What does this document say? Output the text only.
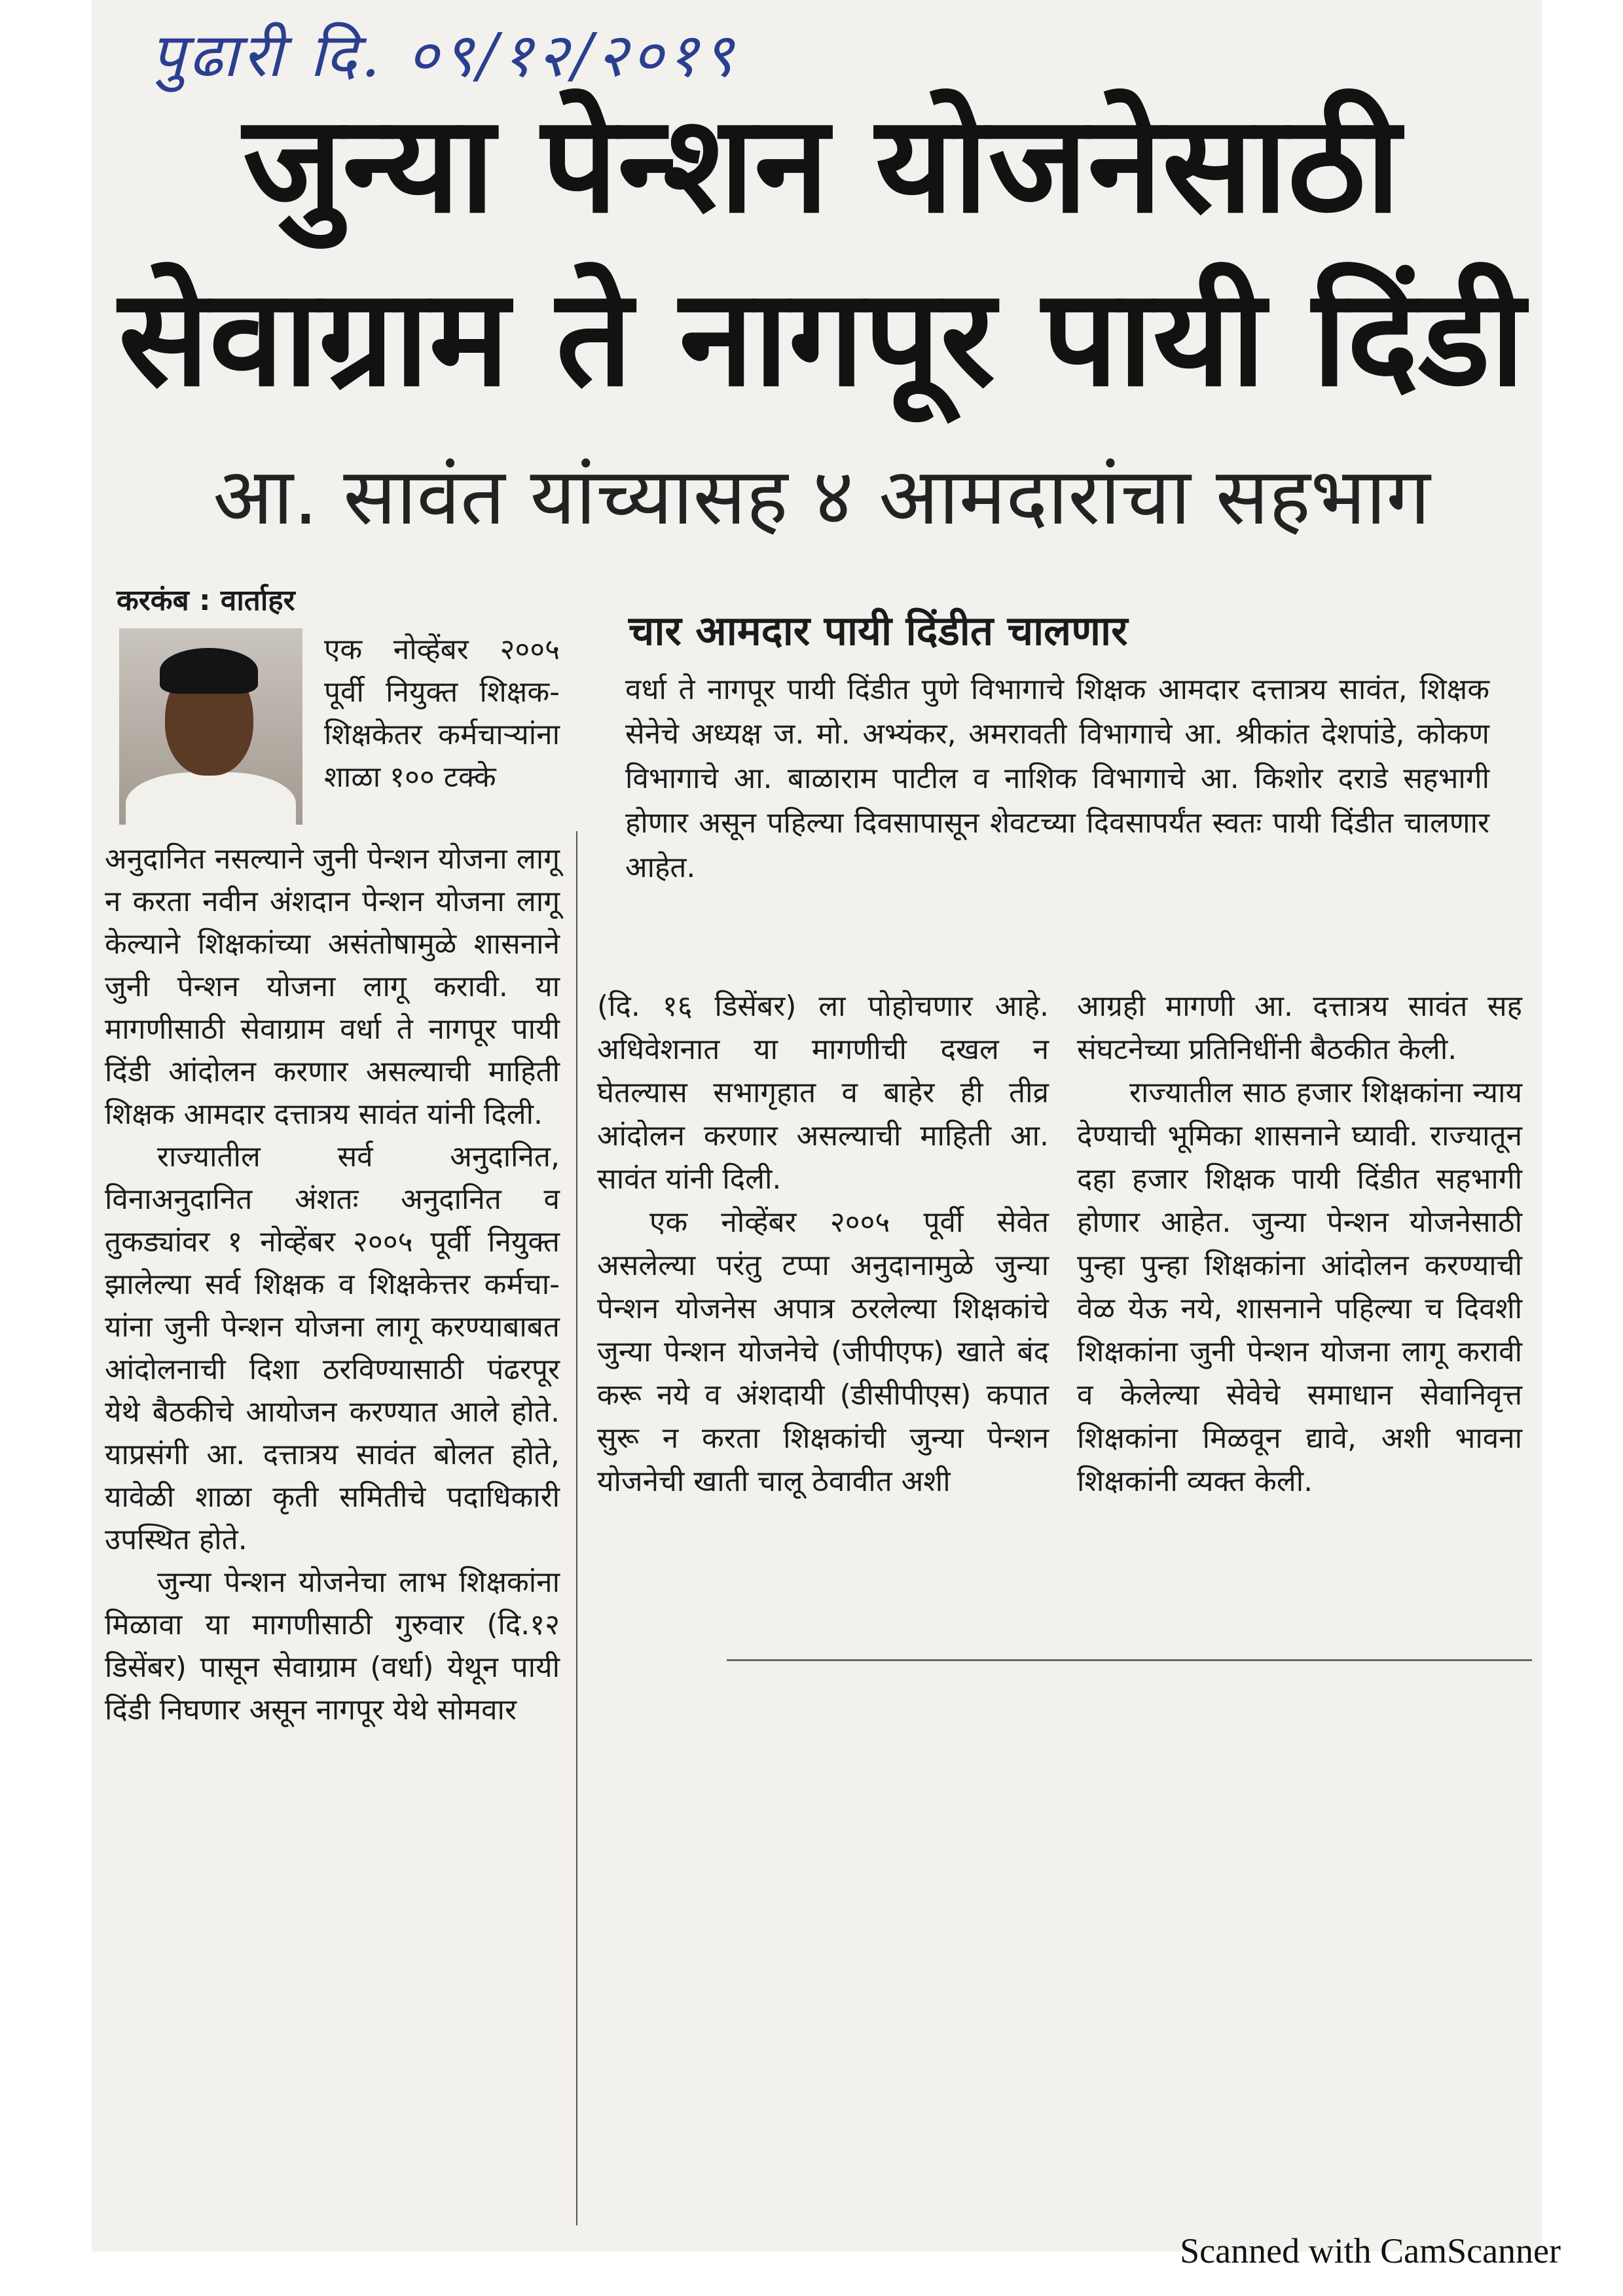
पुढारी दि. ०९/१२/२०१९
जुन्या पेन्शन योजनेसाठी
सेवाग्राम ते नागपूर पायी दिंडी
आ. सावंत यांच्यासह ४ आमदारांचा सहभाग
करकंब : वार्ताहर
एक नोव्हेंबर २००५ पूर्वी नियुक्त शिक्षक-शिक्षकेतर कर्मचाऱ्यांना शाळा १०० टक्के

अनुदानित नसल्याने जुनी पेन्शन योजना लागू न करता नवीन अंशदान पेन्शन योजना लागू केल्याने शिक्षकांच्या असंतोषामुळे शासनाने जुनी पेन्शन योजना लागू करावी. या मागणीसाठी सेवाग्राम वर्धा ते नागपूर पायी दिंडी आंदोलन करणार असल्याची माहिती शिक्षक आमदार दत्तात्रय सावंत यांनी दिली.

राज्यातील सर्व अनुदानित, विनाअनुदानित अंशतः अनुदानित व तुकड्यांवर १ नोव्हेंबर २००५ पूर्वी नियुक्त झालेल्या सर्व शिक्षक व शिक्षकेत्तर कर्मचा-यांना जुनी पेन्शन योजना लागू करण्याबाबत आंदोलनाची दिशा ठरविण्यासाठी पंढरपूर येथे बैठकीचे आयोजन करण्यात आले होते. याप्रसंगी आ. दत्तात्रय सावंत बोलत होते, यावेळी शाळा कृती समितीचे पदाधिकारी उपस्थित होते.

जुन्या पेन्शन योजनेचा लाभ शिक्षकांना मिळावा या मागणीसाठी गुरुवार (दि.१२ डिसेंबर) पासून सेवाग्राम (वर्धा) येथून पायी दिंडी निघणार असून नागपूर येथे सोमवार

चार आमदार पायी दिंडीत चालणार
वर्धा ते नागपूर पायी दिंडीत पुणे विभागाचे शिक्षक आमदार दत्तात्रय सावंत, शिक्षक सेनेचे अध्यक्ष ज. मो. अभ्यंकर, अमरावती विभागाचे आ. श्रीकांत देशपांडे, कोकण विभागाचे आ. बाळाराम पाटील व नाशिक विभागाचे आ. किशोर दराडे सहभागी होणार असून पहिल्या दिवसापासून शेवटच्या दिवसापर्यंत स्वतः पायी दिंडीत चालणार आहेत.

(दि. १६ डिसेंबर) ला पोहोचणार आहे. अधिवेशनात या मागणीची दखल न घेतल्यास सभागृहात व बाहेर ही तीव्र आंदोलन करणार असल्याची माहिती आ. सावंत यांनी दिली.

एक नोव्हेंबर २००५ पूर्वी सेवेत असलेल्या परंतु टप्पा अनुदानामुळे जुन्या पेन्शन योजनेस अपात्र ठरलेल्या शिक्षकांचे जुन्या पेन्शन योजनेचे (जीपीएफ) खाते बंद करू नये व अंशदायी (डीसीपीएस) कपात सुरू न करता शिक्षकांची जुन्या पेन्शन योजनेची खाती चालू ठेवावीत अशी

आग्रही मागणी आ. दत्तात्रय सावंत सह संघटनेच्या प्रतिनिधींनी बैठकीत केली.

राज्यातील साठ हजार शिक्षकांना न्याय देण्याची भूमिका शासनाने घ्यावी. राज्यातून दहा हजार शिक्षक पायी दिंडीत सहभागी होणार आहेत. जुन्या पेन्शन योजनेसाठी पुन्हा पुन्हा शिक्षकांना आंदोलन करण्याची वेळ येऊ नये, शासनाने पहिल्या च दिवशी शिक्षकांना जुनी पेन्शन योजना लागू करावी व केलेल्या सेवेचे समाधान सेवानिवृत्त शिक्षकांना मिळवून द्यावे, अशी भावना शिक्षकांनी व्यक्त केली.

Scanned with CamScanner
